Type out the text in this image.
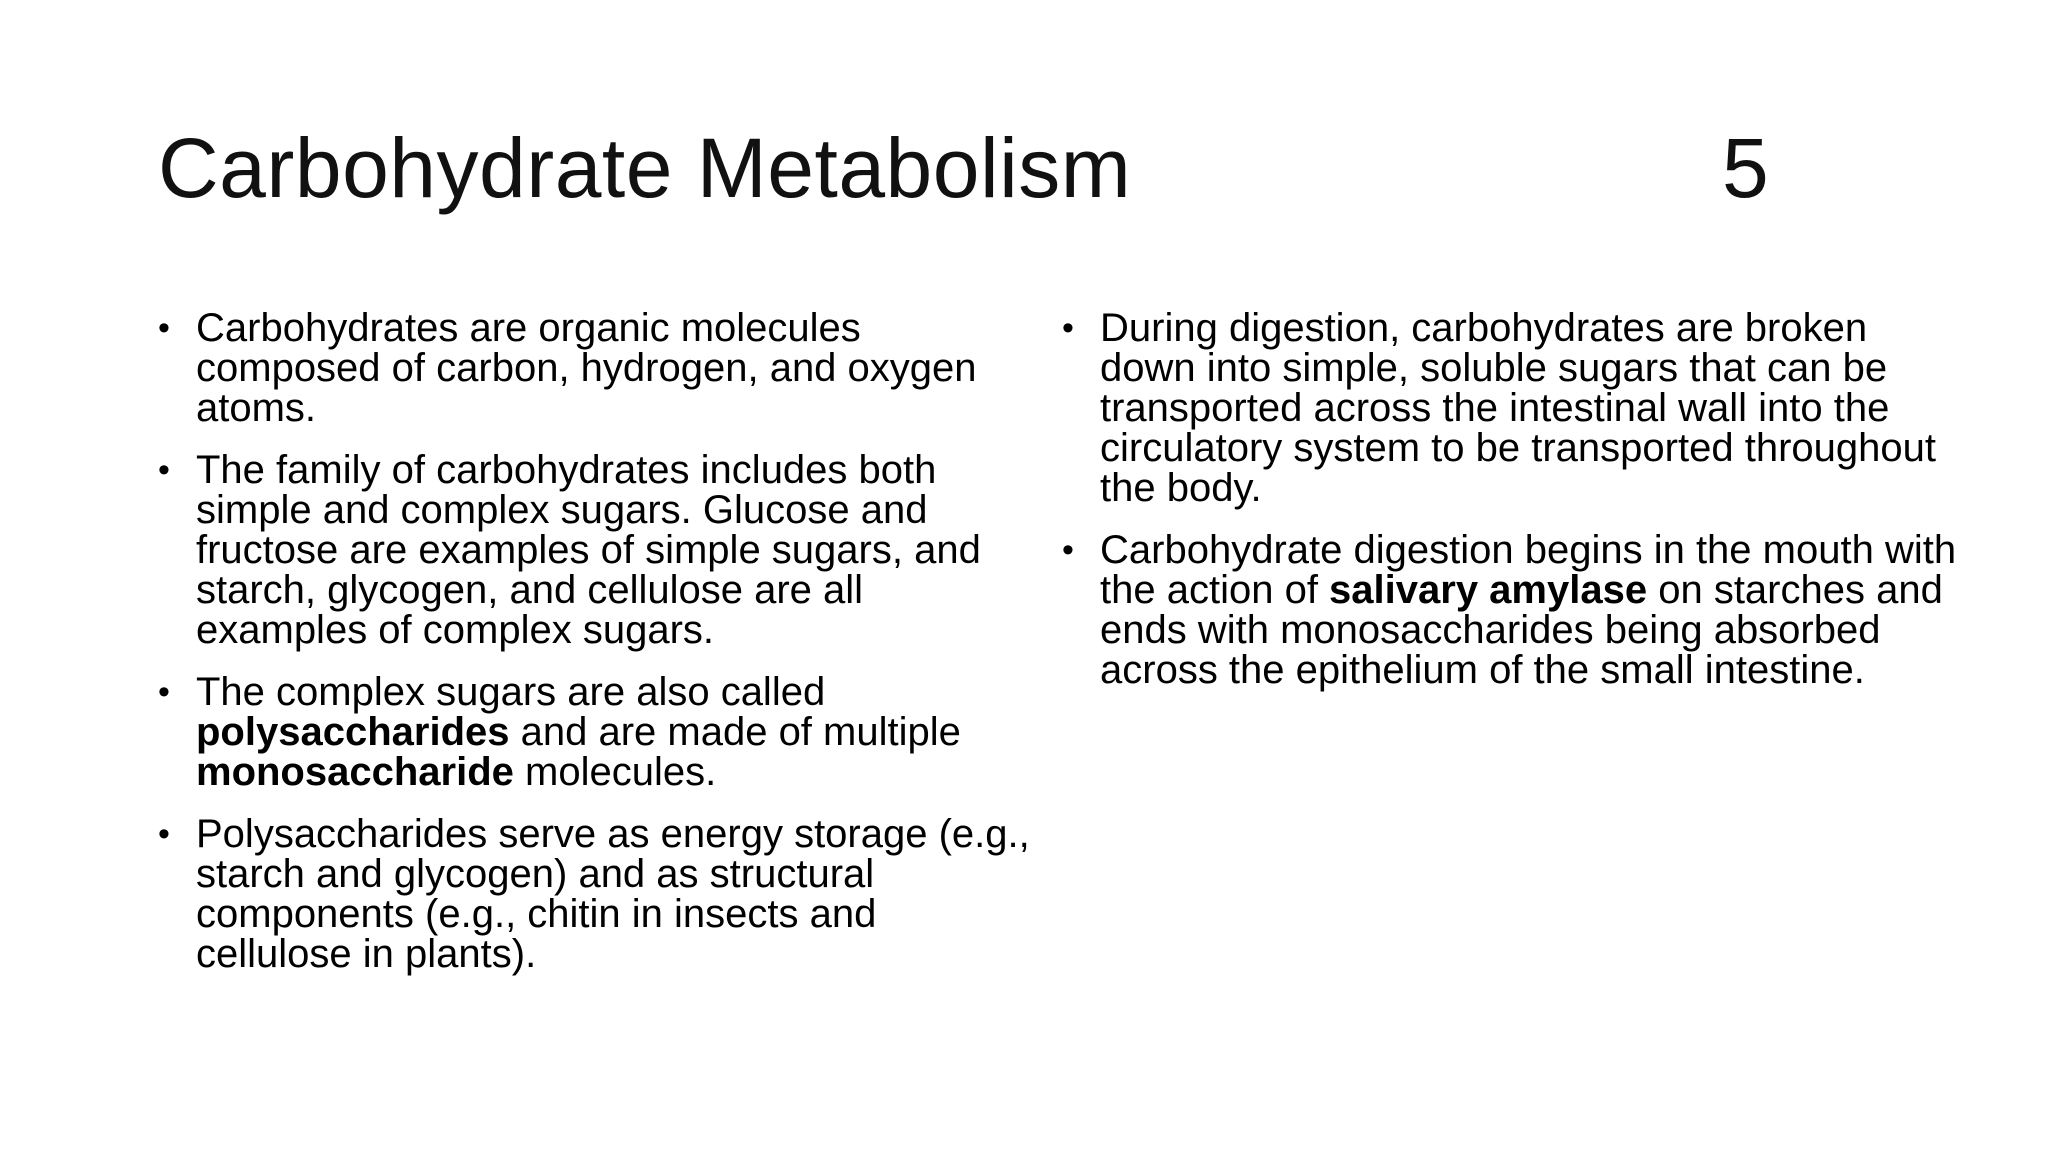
Carbohydrate Metabolism	5
• Carbohydrates are organic molecules composed of carbon, hydrogen, and oxygen atoms.
• The family of carbohydrates includes both simple and complex sugars. Glucose and fructose are examples of simple sugars, and starch, glycogen, and cellulose are all examples of complex sugars.
• The complex sugars are also called polysaccharides and are made of multiple monosaccharide molecules.
• Polysaccharides serve as energy storage (e.g., starch and glycogen) and as structural components (e.g., chitin in insects and cellulose in plants).
• During digestion, carbohydrates are broken down into simple, soluble sugars that can be transported across the intestinal wall into the circulatory system to be transported throughout the body.
• Carbohydrate digestion begins in the mouth with the action of salivary amylase on starches and ends with monosaccharides being absorbed across the epithelium of the small intestine.
